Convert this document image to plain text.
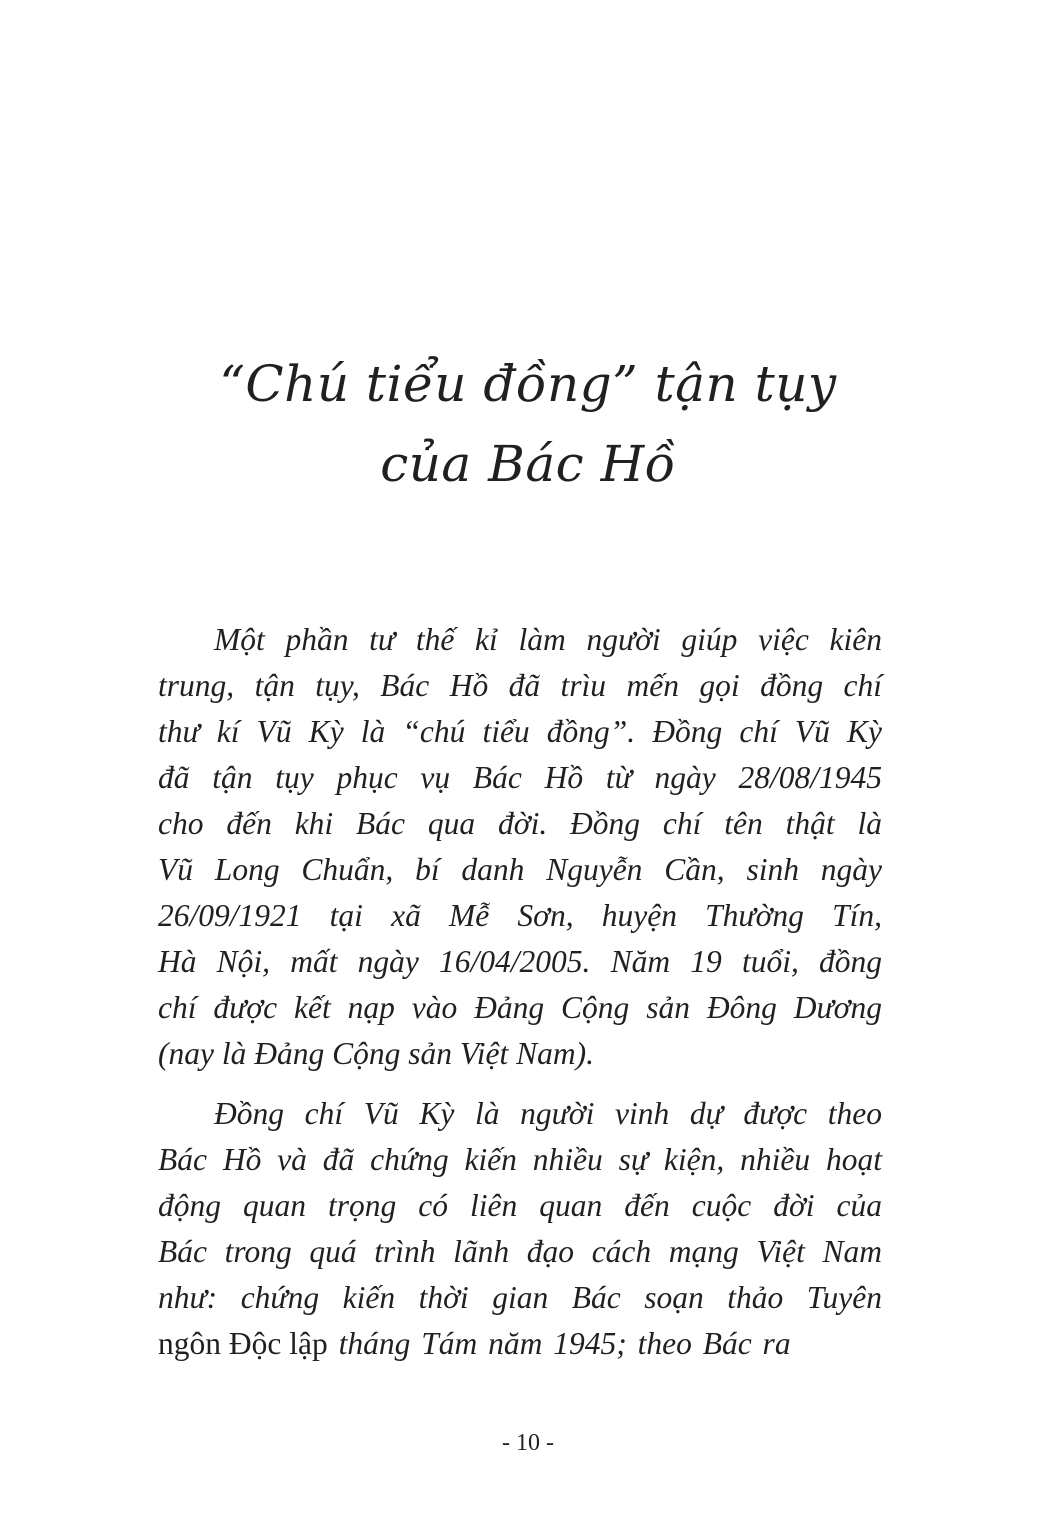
“Chú tiểu đồng” tận tụy
của Bác Hồ
Một phần tư thế kỉ làm người giúp việc kiên
trung, tận tụy, Bác Hồ đã trìu mến gọi đồng chí
thư kí Vũ Kỳ là “chú tiểu đồng”. Đồng chí Vũ Kỳ
đã tận tụy phục vụ Bác Hồ từ ngày 28/08/1945
cho đến khi Bác qua đời. Đồng chí tên thật là
Vũ Long Chuẩn, bí danh Nguyễn Cần, sinh ngày
26/09/1921 tại xã Mễ Sơn, huyện Thường Tín,
Hà Nội, mất ngày 16/04/2005. Năm 19 tuổi, đồng
chí được kết nạp vào Đảng Cộng sản Đông Dương
(nay là Đảng Cộng sản Việt Nam).
Đồng chí Vũ Kỳ là người vinh dự được theo
Bác Hồ và đã chứng kiến nhiều sự kiện, nhiều hoạt
động quan trọng có liên quan đến cuộc đời của
Bác trong quá trình lãnh đạo cách mạng Việt Nam
như: chứng kiến thời gian Bác soạn thảo Tuyên
ngôn Độc lập tháng Tám năm 1945; theo Bác ra
- 10 -
